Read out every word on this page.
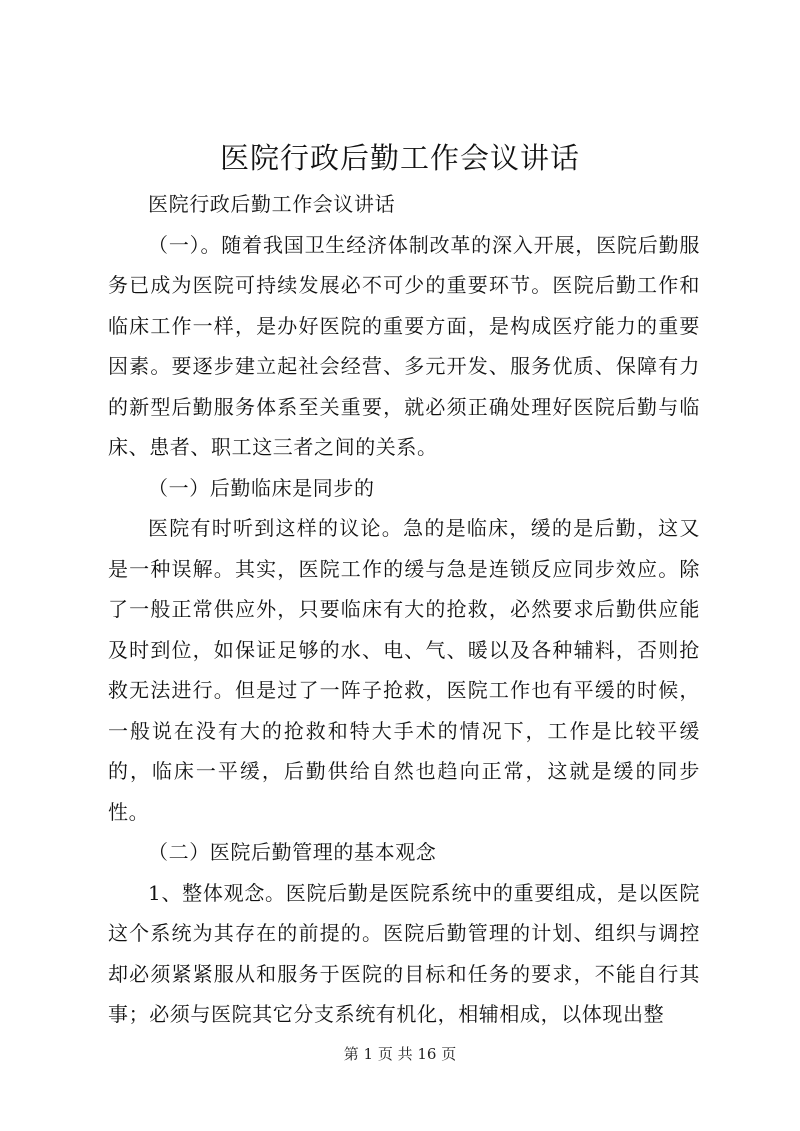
医院行政后勤工作会议讲话

医院行政后勤工作会议讲话

（一）。随着我国卫生经济体制改革的深入开展，医院后勤服务已成为医院可持续发展必不可少的重要环节。医院后勤工作和临床工作一样，是办好医院的重要方面，是构成医疗能力的重要因素。要逐步建立起社会经营、多元开发、服务优质、保障有力的新型后勤服务体系至关重要，就必须正确处理好医院后勤与临床、患者、职工这三者之间的关系。

（一）后勤临床是同步的

医院有时听到这样的议论。急的是临床，缓的是后勤，这又是一种误解。其实，医院工作的缓与急是连锁反应同步效应。除了一般正常供应外，只要临床有大的抢救，必然要求后勤供应能及时到位，如保证足够的水、电、气、暖以及各种辅料，否则抢救无法进行。但是过了一阵子抢救，医院工作也有平缓的时候，一般说在没有大的抢救和特大手术的情况下，工作是比较平缓的，临床一平缓，后勤供给自然也趋向正常，这就是缓的同步性。

（二）医院后勤管理的基本观念

1、整体观念。医院后勤是医院系统中的重要组成，是以医院这个系统为其存在的前提的。医院后勤管理的计划、组织与调控却必须紧紧服从和服务于医院的目标和任务的要求，不能自行其事；必须与医院其它分支系统有机化，相辅相成，以体现出整

第 1 页 共 16 页
